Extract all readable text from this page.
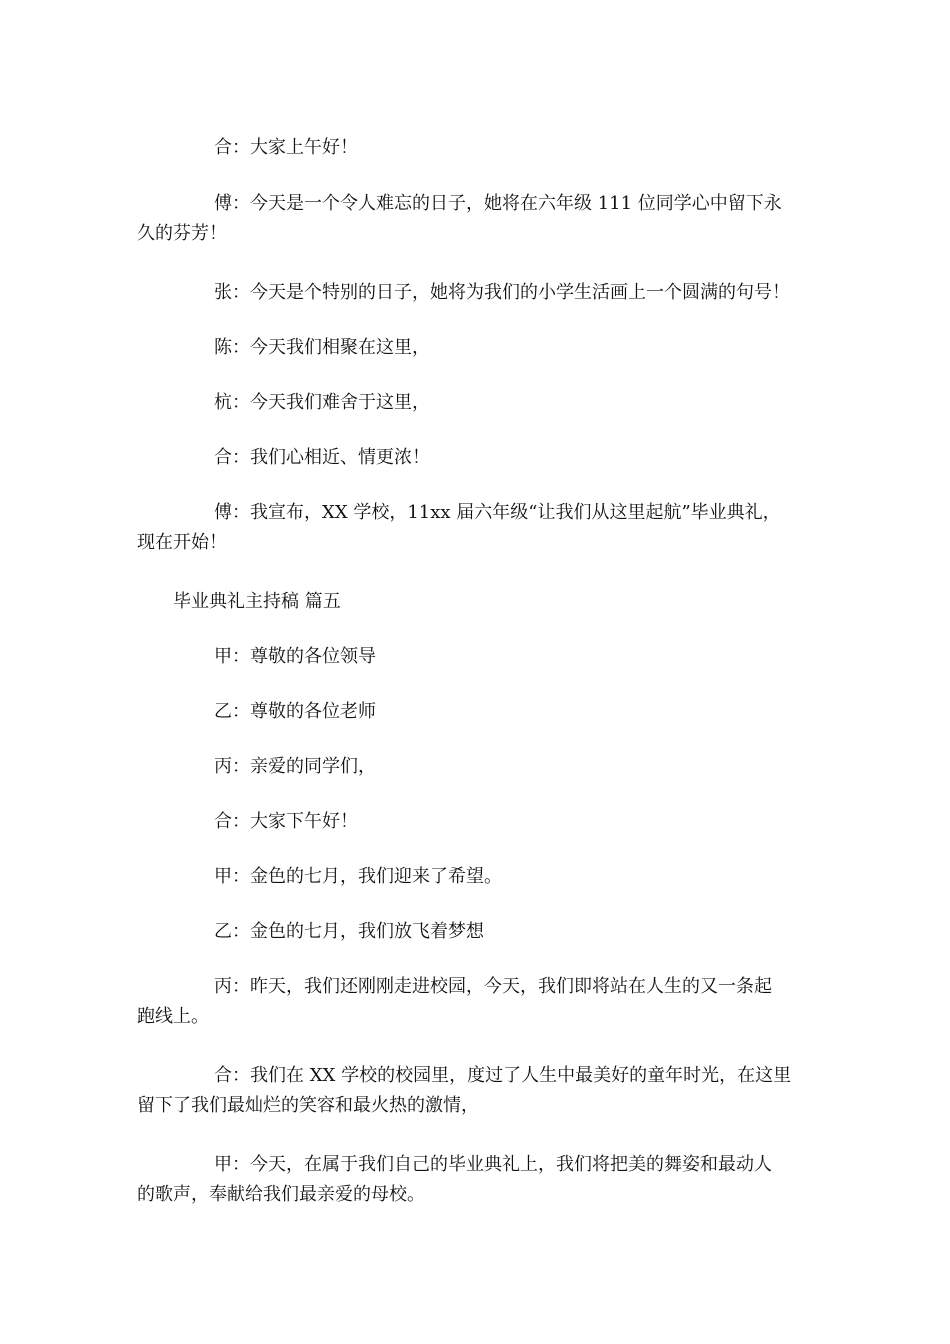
合：大家上午好！
傅：今天是一个令人难忘的日子，她将在六年级 111 位同学心中留下永
久的芬芳！
张：今天是个特别的日子，她将为我们的小学生活画上一个圆满的句号！
陈：今天我们相聚在这里，
杭：今天我们难舍于这里，
合：我们心相近、情更浓！
傅：我宣布，XX 学校，11xx 届六年级“让我们从这里起航”毕业典礼，
现在开始！
毕业典礼主持稿 篇五
甲：尊敬的各位领导
乙：尊敬的各位老师
丙：亲爱的同学们，
合：大家下午好！
甲：金色的七月，我们迎来了希望。
乙：金色的七月，我们放飞着梦想
丙：昨天，我们还刚刚走进校园，今天，我们即将站在人生的又一条起
跑线上。
合：我们在 XX 学校的校园里，度过了人生中最美好的童年时光，在这里
留下了我们最灿烂的笑容和最火热的激情，
甲：今天，在属于我们自己的毕业典礼上，我们将把美的舞姿和最动人
的歌声，奉献给我们最亲爱的母校。
